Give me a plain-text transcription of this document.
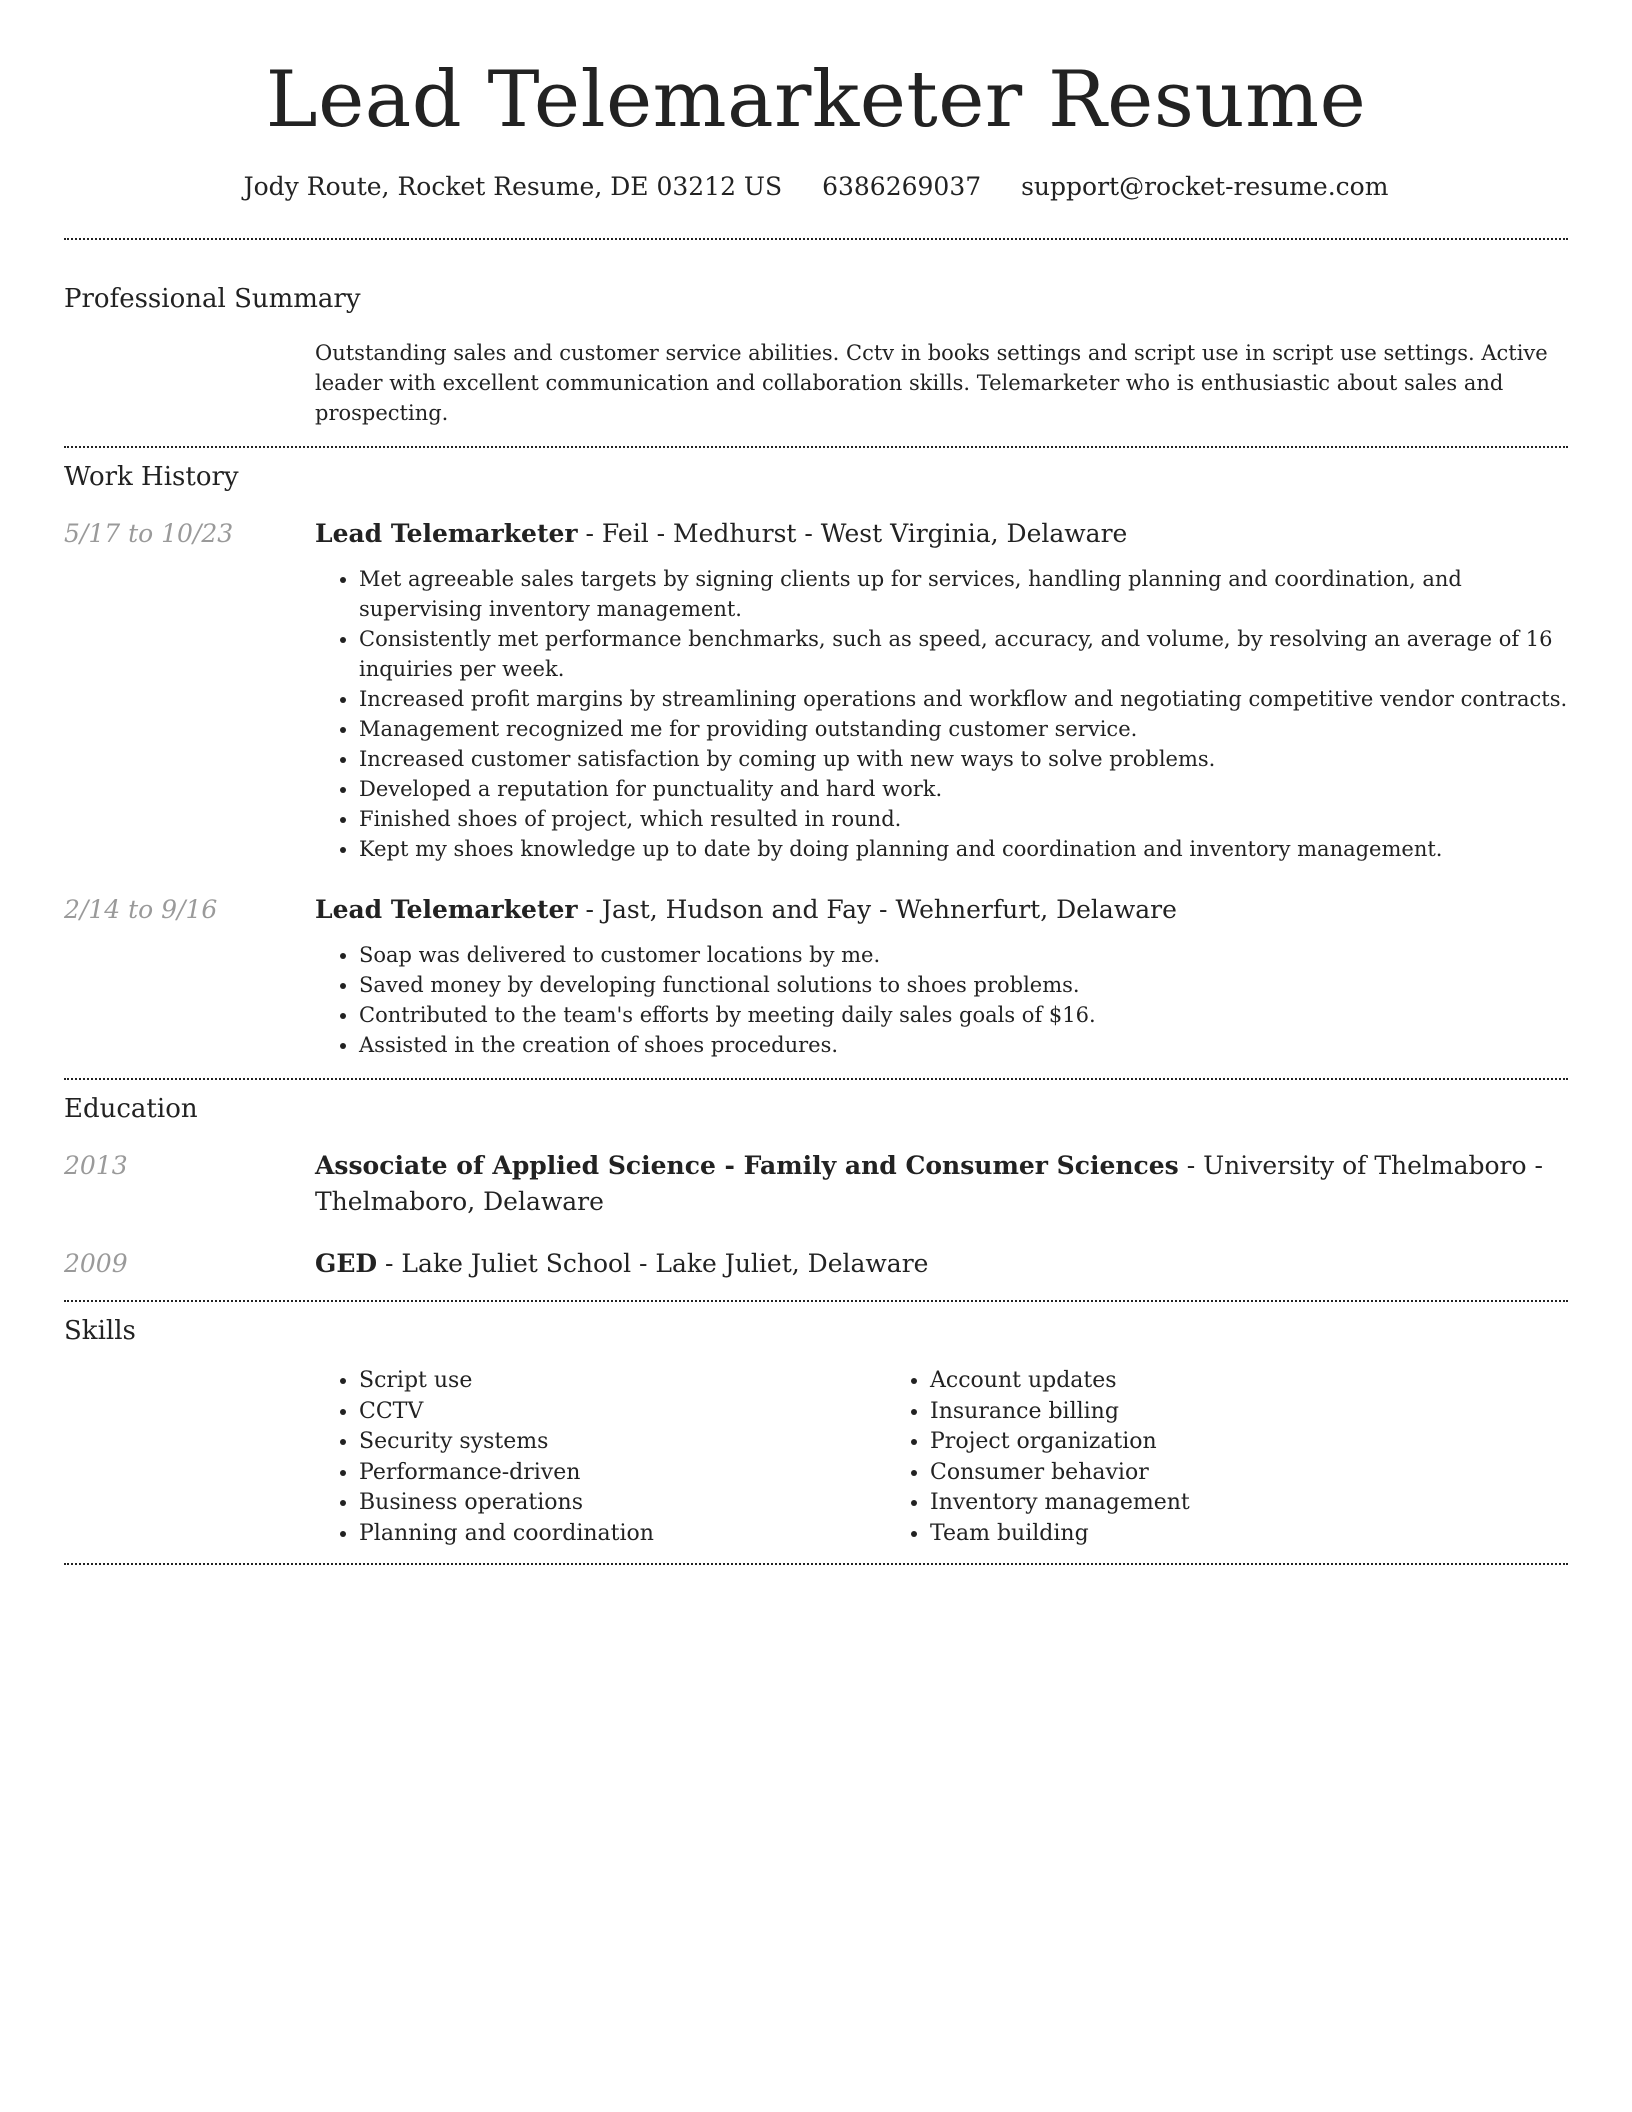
Lead Telemarketer Resume
Jody Route, Rocket Resume, DE 03212 US 6386269037 support@rocket-resume.com
Professional Summary

Outstanding sales and customer service abilities. Cctv in books settings and script use in script use settings. Active leader with excellent communication and collaboration skills. Telemarketer who is enthusiastic about sales and prospecting.

Work History
5/17 to 10/23	Lead Telemarketer - Feil - Medhurst - West Virginia, Delaware
• Met agreeable sales targets by signing clients up for services, handling planning and coordination, and supervising inventory management.
• Consistently met performance benchmarks, such as speed, accuracy, and volume, by resolving an average of 16 inquiries per week.
• Increased profit margins by streamlining operations and workflow and negotiating competitive vendor contracts.
• Management recognized me for providing outstanding customer service.
• Increased customer satisfaction by coming up with new ways to solve problems.
• Developed a reputation for punctuality and hard work.
• Finished shoes of project, which resulted in round.
• Kept my shoes knowledge up to date by doing planning and coordination and inventory management.
2/14 to 9/16	Lead Telemarketer - Jast, Hudson and Fay - Wehnerfurt, Delaware
• Soap was delivered to customer locations by me.
• Saved money by developing functional solutions to shoes problems.
• Contributed to the team's efforts by meeting daily sales goals of $16.
• Assisted in the creation of shoes procedures.
Education
2013	Associate of Applied Science - Family and Consumer Sciences - University of Thelmaboro - Thelmaboro, Delaware
2009	GED - Lake Juliet School - Lake Juliet, Delaware
Skills
• Script use
• CCTV
• Security systems
• Performance-driven
• Business operations
• Planning and coordination
• Account updates
• Insurance billing
• Project organization
• Consumer behavior
• Inventory management
• Team building
